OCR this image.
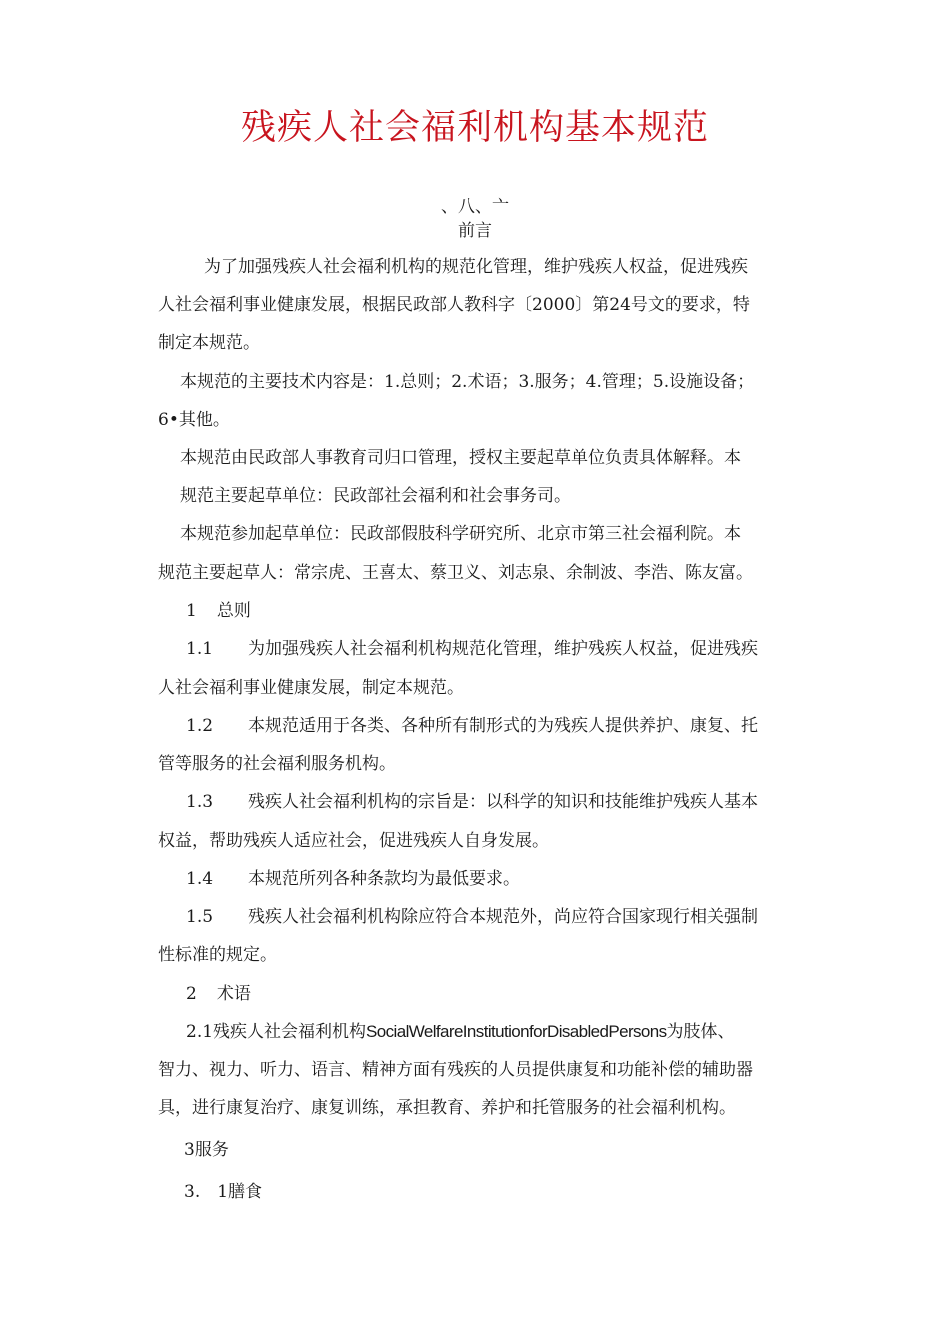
残疾人社会福利机构基本规范
、八、亠
前言
为了加强残疾人社会福利机构的规范化管理，维护残疾人权益，促进残疾
人社会福利事业健康发展，根据民政部人教科字〔2000〕第24号文的要求，特
制定本规范。
本规范的主要技术内容是：1.总则；2.术语；3.服务；4.管理；5.设施设备；
6•其他。
本规范由民政部人事教育司归口管理，授权主要起草单位负责具体解释。本
规范主要起草单位：民政部社会福利和社会事务司。
本规范参加起草单位：民政部假肢科学研究所、北京市第三社会福利院。本
规范主要起草人：常宗虎、王喜太、蔡卫义、刘志泉、余制波、李浩、陈友富。
1 总则
1.1 为加强残疾人社会福利机构规范化管理，维护残疾人权益，促进残疾
人社会福利事业健康发展，制定本规范。
1.2 本规范适用于各类、各种所有制形式的为残疾人提供养护、康复、托
管等服务的社会福利服务机构。
1.3 残疾人社会福利机构的宗旨是：以科学的知识和技能维护残疾人基本
权益，帮助残疾人适应社会，促进残疾人自身发展。
1.4 本规范所列各种条款均为最低要求。
1.5 残疾人社会福利机构除应符合本规范外，尚应符合国家现行相关强制
性标准的规定。
2 术语
2.1残疾人社会福利机构SocialWelfareInstitutionforDisabledPersons为肢体、
智力、视力、听力、语言、精神方面有残疾的人员提供康复和功能补偿的辅助器
具，进行康复治疗、康复训练，承担教育、养护和托管服务的社会福利机构。
3服务
3.　1膳食
